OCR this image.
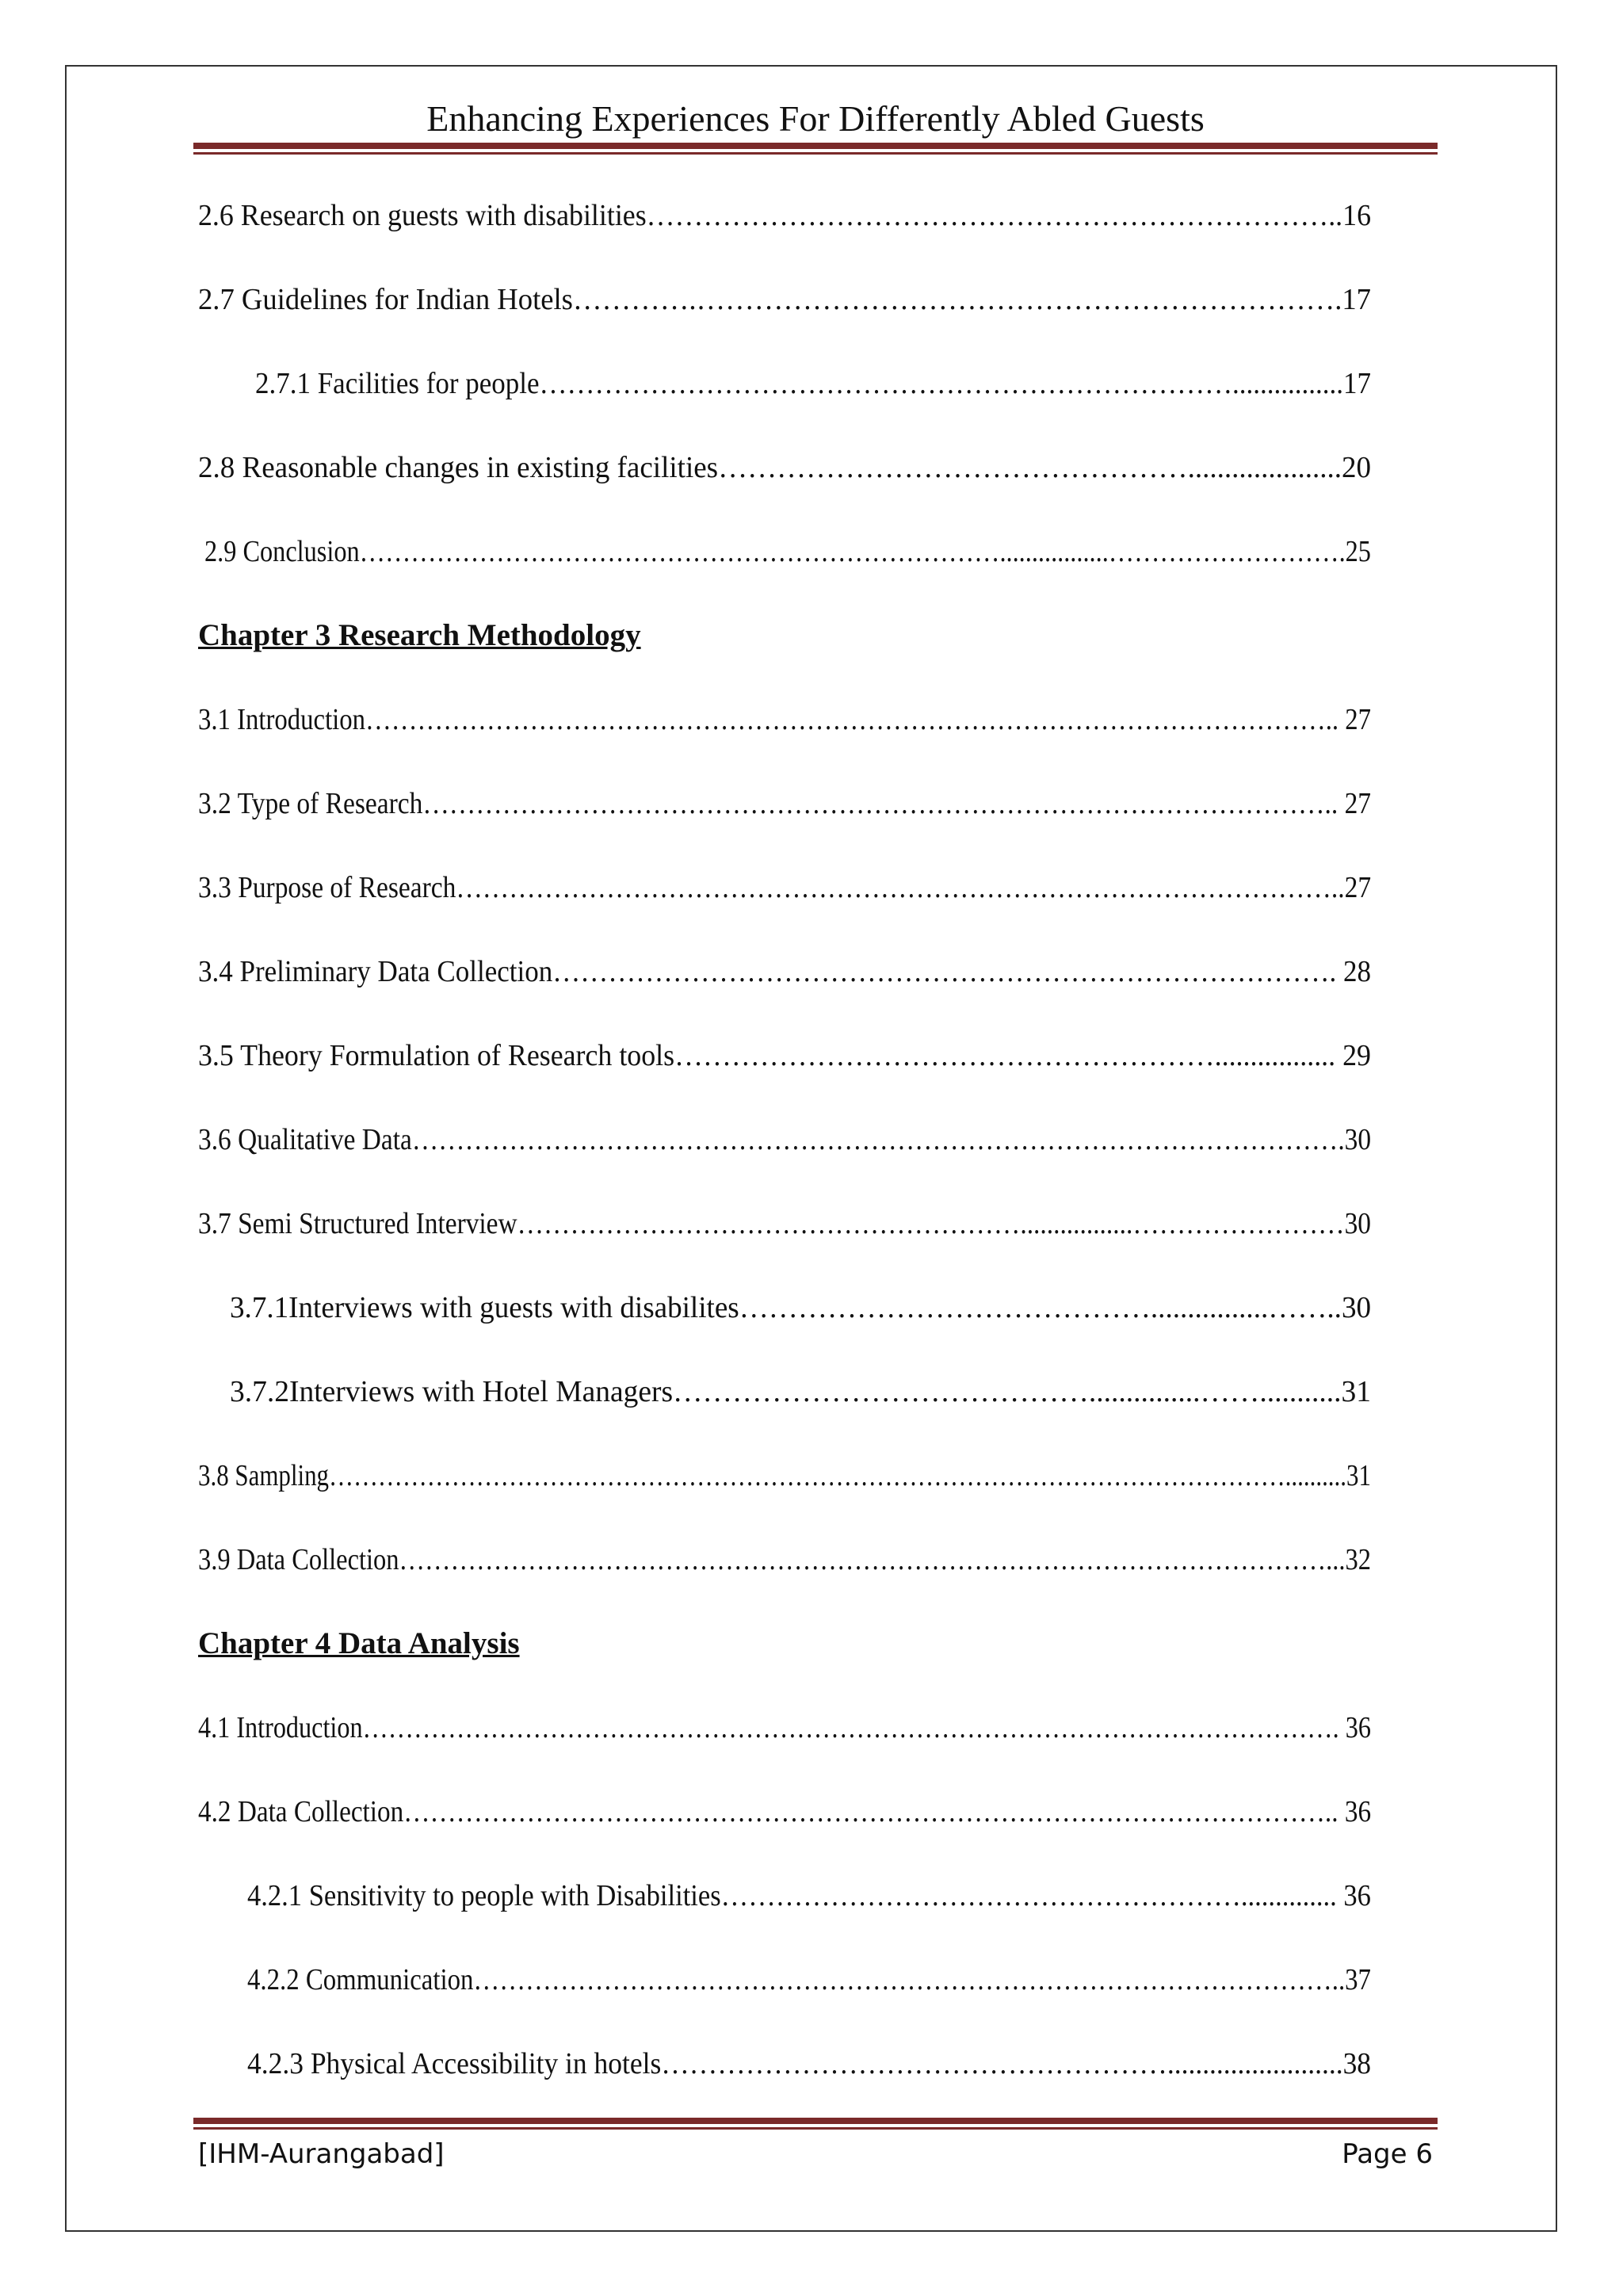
Enhancing Experiences For Differently Abled Guests
2.6 Research on guests with disabilities………………………………………………………………..16
2.7 Guidelines for Indian Hotels………….………………………………………………………….17
2.7.1 Facilities for people…………………………………………………………………................17
2.8 Reasonable changes in existing facilities………………………………………….....................20
2.9 Conclusion………………………………………………………………….................……………………….25
Chapter 3 Research Methodology
3.1 Introduction………………………………………………………………………………………………….. 27
3.2 Type of Research………………………………………………………………………………………….. 27
3.3 Purpose of Research………………………………………………………………………………………..27
3.4 Preliminary Data Collection…………………………………………………………………………. 28
3.5 Theory Formulation of Research tools…………………………………………………................. 29
3.6 Qualitative Data…………………………………………………………………………………………….30
3.7 Semi Structured Interview………………………………………………….................……………………30
3.7.1Interviews with guests with disabilites……………………………………................……..30
3.7.2Interviews with Hotel Managers……………………………………...............……...........31
3.8 Sampling………………………………………………………………………………………………………..........31
3.9 Data Collection………………………………………………………………………………………………...32
Chapter 4 Data Analysis
4.1 Introduction……………………………………………………………………………………………………. 36
4.2 Data Collection…………………………………………………………………………………………….. 36
4.2.1 Sensitivity to people with Disabilities………………………………………………….............. 36
4.2.2 Communication………………………………………………………………………………………..37
4.2.3 Physical Accessibility in hotels……………………………………………….........................38
[IHM-Aurangabad]	Page 6
